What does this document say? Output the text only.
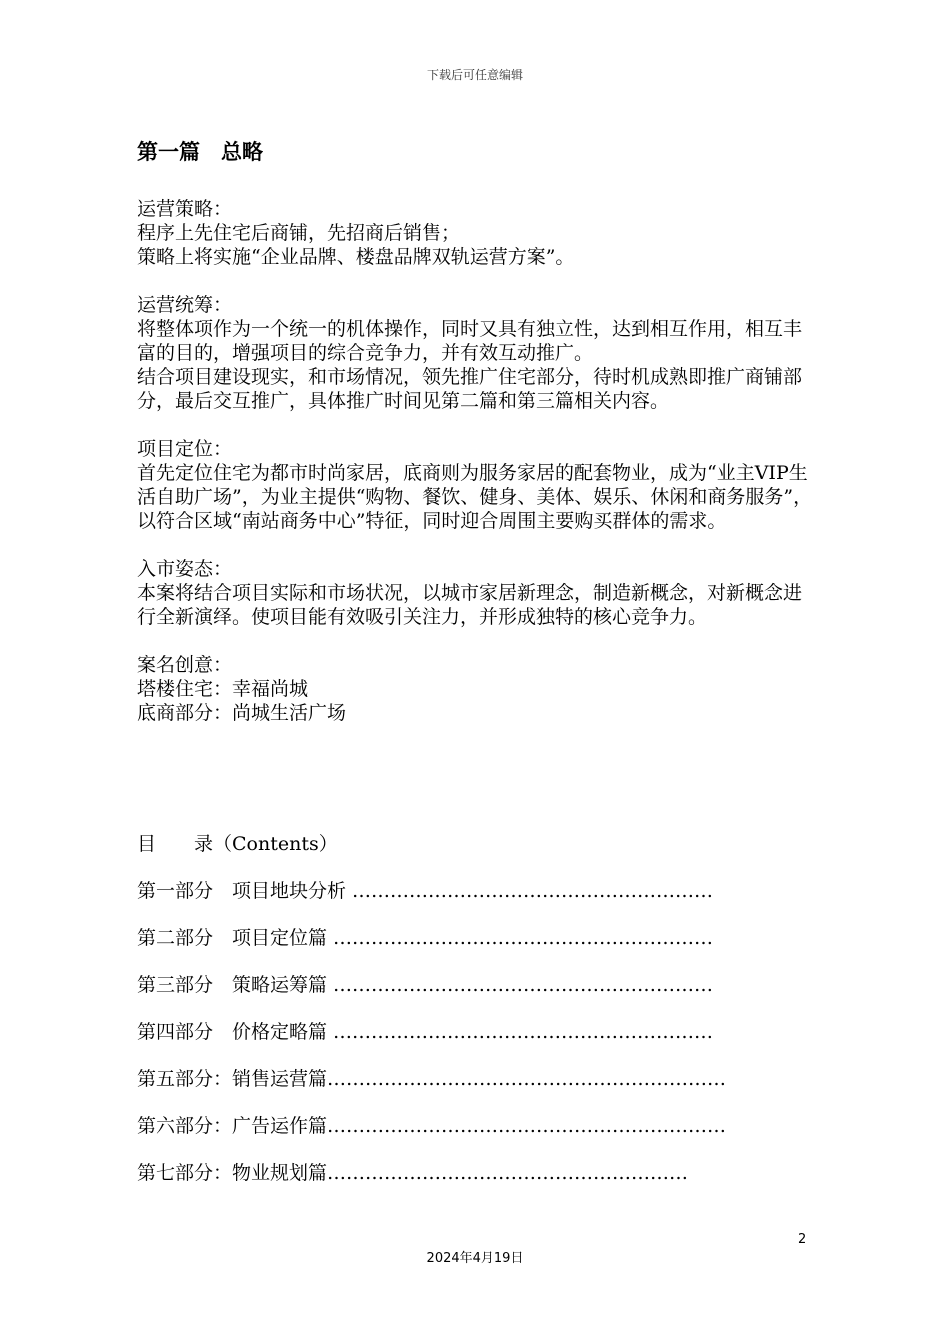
下载后可任意编辑
第一篇　总略

运营策略：

程序上先住宅后商铺，先招商后销售；

策略上将实施“企业品牌、楼盘品牌双轨运营方案”。

运营统筹：

将整体项作为一个统一的机体操作，同时又具有独立性，达到相互作用，相互丰富的目的，增强项目的综合竞争力，并有效互动推广。

结合项目建设现实，和市场情况，领先推广住宅部分，待时机成熟即推广商铺部分，最后交互推广，具体推广时间见第二篇和第三篇相关内容。

项目定位：

首先定位住宅为都市时尚家居，底商则为服务家居的配套物业，成为“业主VIP生活自助广场”，为业主提供“购物、餐饮、健身、美体、娱乐、休闲和商务服务”，以符合区域“南站商务中心”特征，同时迎合周围主要购买群体的需求。

入市姿态：

本案将结合项目实际和市场状况，以城市家居新理念，制造新概念，对新概念进行全新演绎。使项目能有效吸引关注力，并形成独特的核心竞争力。

案名创意：

塔楼住宅：幸福尚城

底商部分：尚城生活广场

目　　录（Contents）
第一部分　项目地块分析 …………………………………………………
第二部分　项目定位篇 ……………………………………………………
第三部分　策略运筹篇 ……………………………………………………
第四部分　价格定略篇 ……………………………………………………
第五部分：销售运营篇………………………………………………………
第六部分：广告运作篇………………………………………………………
第七部分：物业规划篇…………………………………………………
2
2024年4月19日
